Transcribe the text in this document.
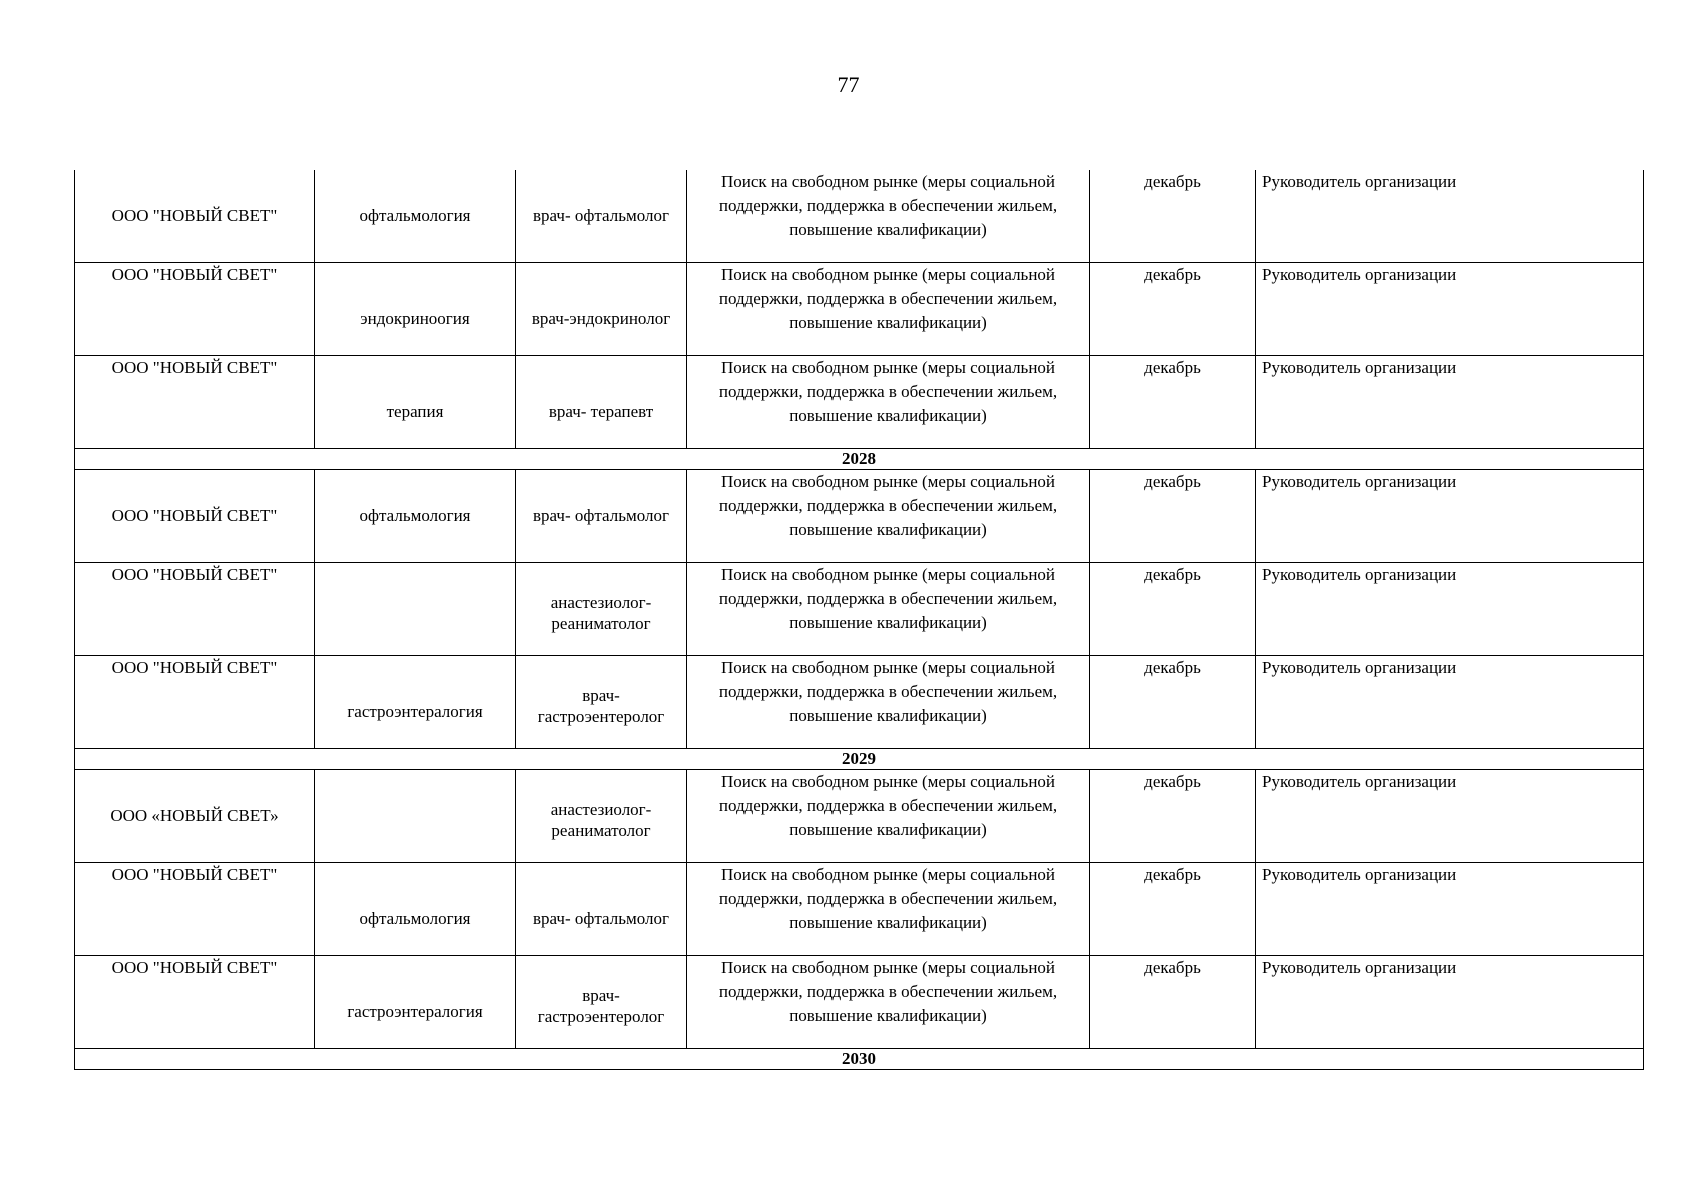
77
ООО "НОВЫЙ СВЕТ"	офтальмология	врач- офтальмолог	Поиск на свободном рынке (меры социальной поддержки, поддержка в обеспечении жильем, повышение квалификации)	декабрь	Руководитель организации
ООО "НОВЫЙ СВЕТ"	эндокриноогия	врач-эндокринолог	Поиск на свободном рынке (меры социальной поддержки, поддержка в обеспечении жильем, повышение квалификации)	декабрь	Руководитель организации
ООО "НОВЫЙ СВЕТ"	терапия	врач- терапевт	Поиск на свободном рынке (меры социальной поддержки, поддержка в обеспечении жильем, повышение квалификации)	декабрь	Руководитель организации
2028					
ООО "НОВЫЙ СВЕТ"	офтальмология	врач- офтальмолог	Поиск на свободном рынке (меры социальной поддержки, поддержка в обеспечении жильем, повышение квалификации)	декабрь	Руководитель организации
ООО "НОВЫЙ СВЕТ"		анастезиолог-
реаниматолог	Поиск на свободном рынке (меры социальной поддержки, поддержка в обеспечении жильем, повышение квалификации)	декабрь	Руководитель организации
ООО "НОВЫЙ СВЕТ"	гастроэнтералогия	врач-
гастроэентеролог	Поиск на свободном рынке (меры социальной поддержки, поддержка в обеспечении жильем, повышение квалификации)	декабрь	Руководитель организации
2029					
ООО «НОВЫЙ СВЕТ»		анастезиолог-
реаниматолог	Поиск на свободном рынке (меры социальной поддержки, поддержка в обеспечении жильем, повышение квалификации)	декабрь	Руководитель организации
ООО "НОВЫЙ СВЕТ"	офтальмология	врач- офтальмолог	Поиск на свободном рынке (меры социальной поддержки, поддержка в обеспечении жильем, повышение квалификации)	декабрь	Руководитель организации
ООО "НОВЫЙ СВЕТ"	гастроэнтералогия	врач-
гастроэентеролог	Поиск на свободном рынке (меры социальной поддержки, поддержка в обеспечении жильем, повышение квалификации)	декабрь	Руководитель организации
2030					
